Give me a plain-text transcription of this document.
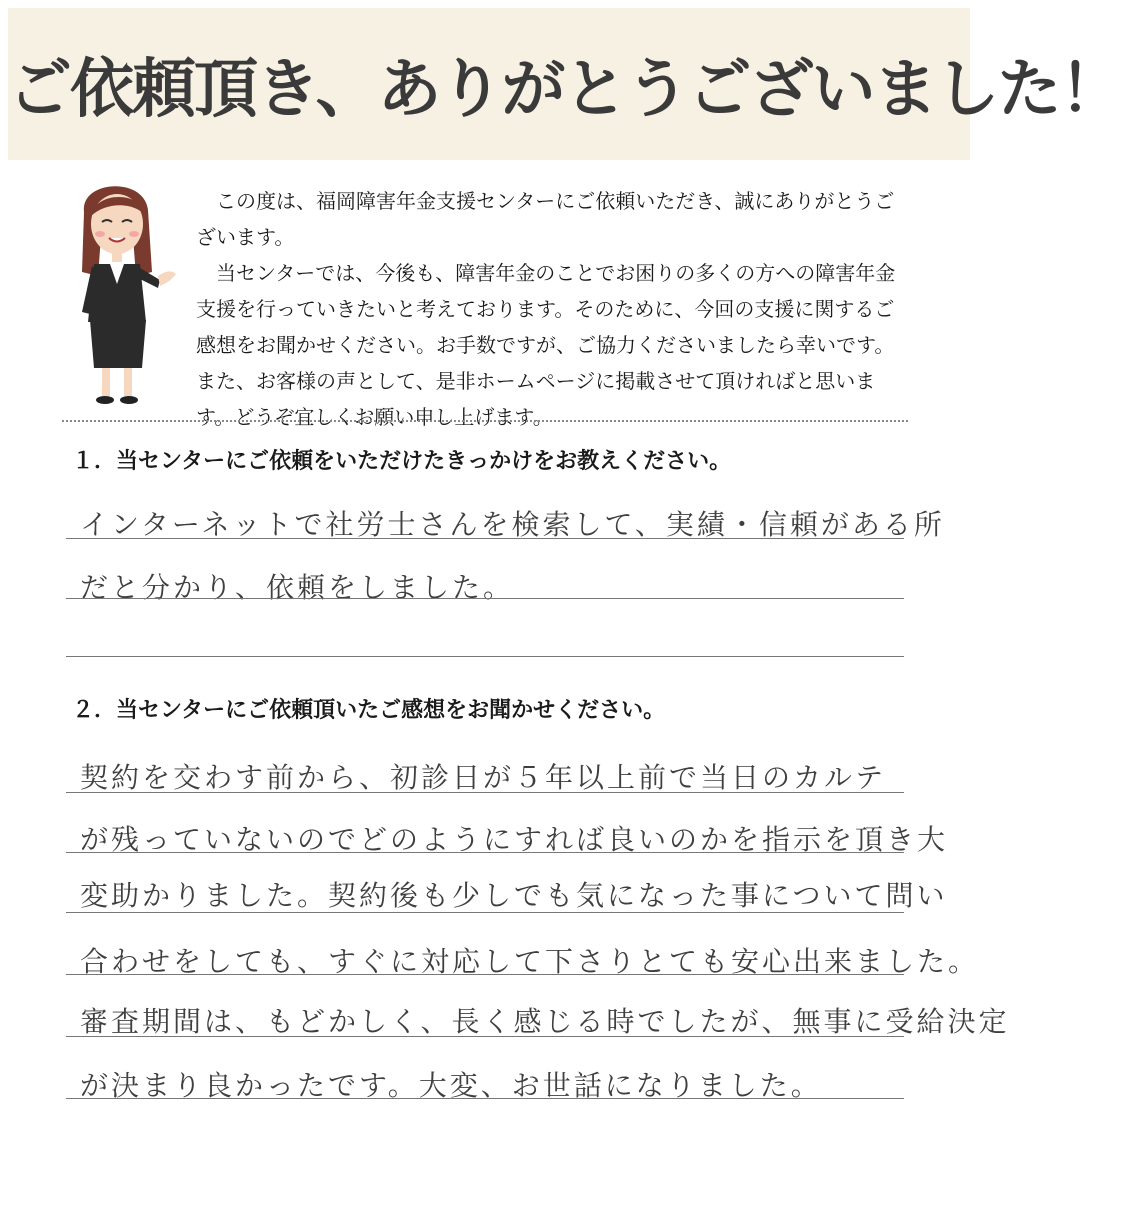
ご依頼頂き、ありがとうございました！

この度は、福岡障害年金支援センターにご依頼いただき、誠にありがとうございます。

当センターでは、今後も、障害年金のことでお困りの多くの方への障害年金支援を行っていきたいと考えております。そのために、今回の支援に関するご感想をお聞かせください。お手数ですが、ご協力くださいましたら幸いです。また、お客様の声として、是非ホームページに掲載させて頂ければと思います。どうぞ宜しくお願い申し上げます。

１．当センターにご依頼をいただけたきっかけをお教えください。
インターネットで社労士さんを検索して、実績・信頼がある所
だと分かり、依頼をしました。
２．当センターにご依頼頂いたご感想をお聞かせください。
契約を交わす前から、初診日が５年以上前で当日のカルテ
が残っていないのでどのようにすれば良いのかを指示を頂き大
変助かりました。契約後も少しでも気になった事について問い
合わせをしても、すぐに対応して下さりとても安心出来ました。
審査期間は、もどかしく、長く感じる時でしたが、無事に受給決定
が決まり良かったです。大変、お世話になりました。
